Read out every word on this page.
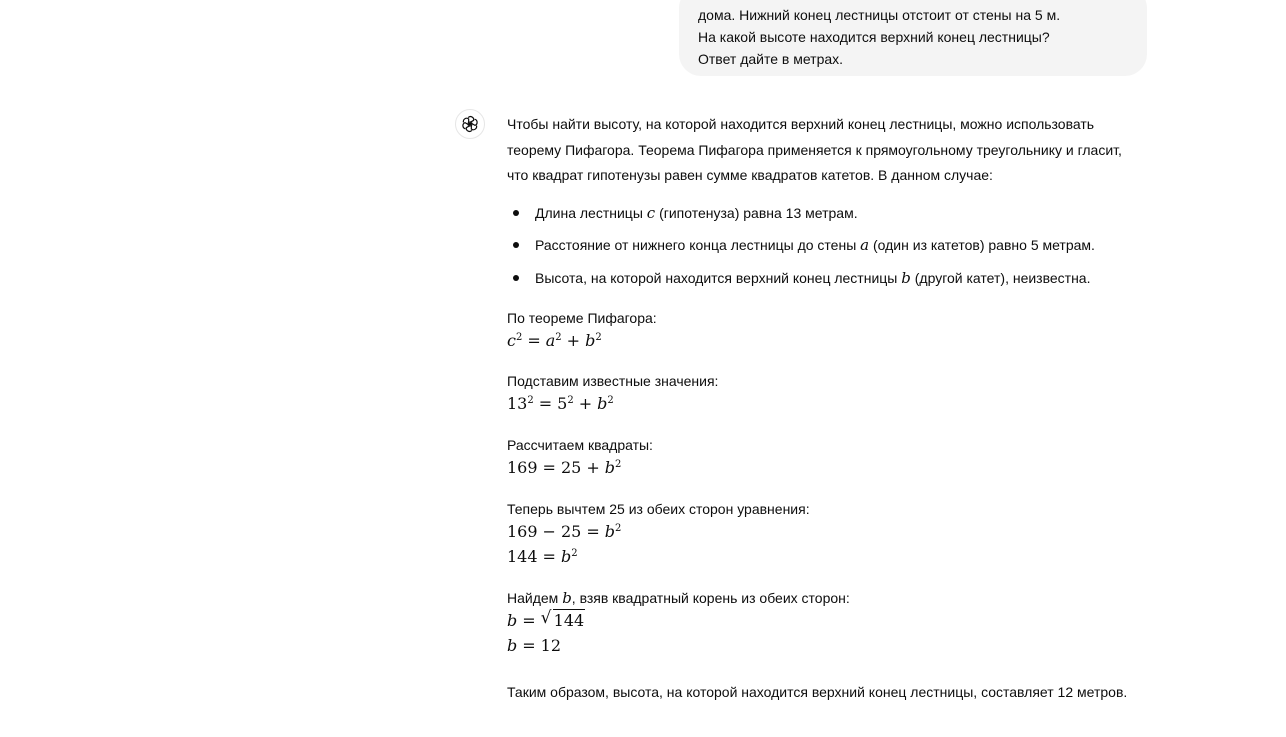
дома. Нижний конец лестницы отстоит от стены на 5 м.
На какой высоте находится верхний конец лестницы?
Ответ дайте в метрах.

Чтобы найти высоту, на которой находится верхний конец лестницы, можно использовать
теорему Пифагора. Теорема Пифагора применяется к прямоугольному треугольнику и гласит,
что квадрат гипотенузы равен сумме квадратов катетов. В данном случае:

Длина лестницы c (гипотенуза) равна 13 метрам.
Расстояние от нижнего конца лестницы до стены a (один из катетов) равно 5 метрам.
Высота, на которой находится верхний конец лестницы b (другой катет), неизвестна.
По теореме Пифагора:
$c^2 = a^2 + b^2$
Подставим известные значения:
$13^2 = 5^2 + b^2$
Рассчитаем квадраты:
$169 = 25 + b^2$
Теперь вычтем 25 из обеих сторон уравнения:
$169 - 25 = b^2$
$144 = b^2$
Найдем b, взяв квадратный корень из обеих сторон:
b = √ 144
b = 12
Таким образом, высота, на которой находится верхний конец лестницы, составляет 12 метров.
